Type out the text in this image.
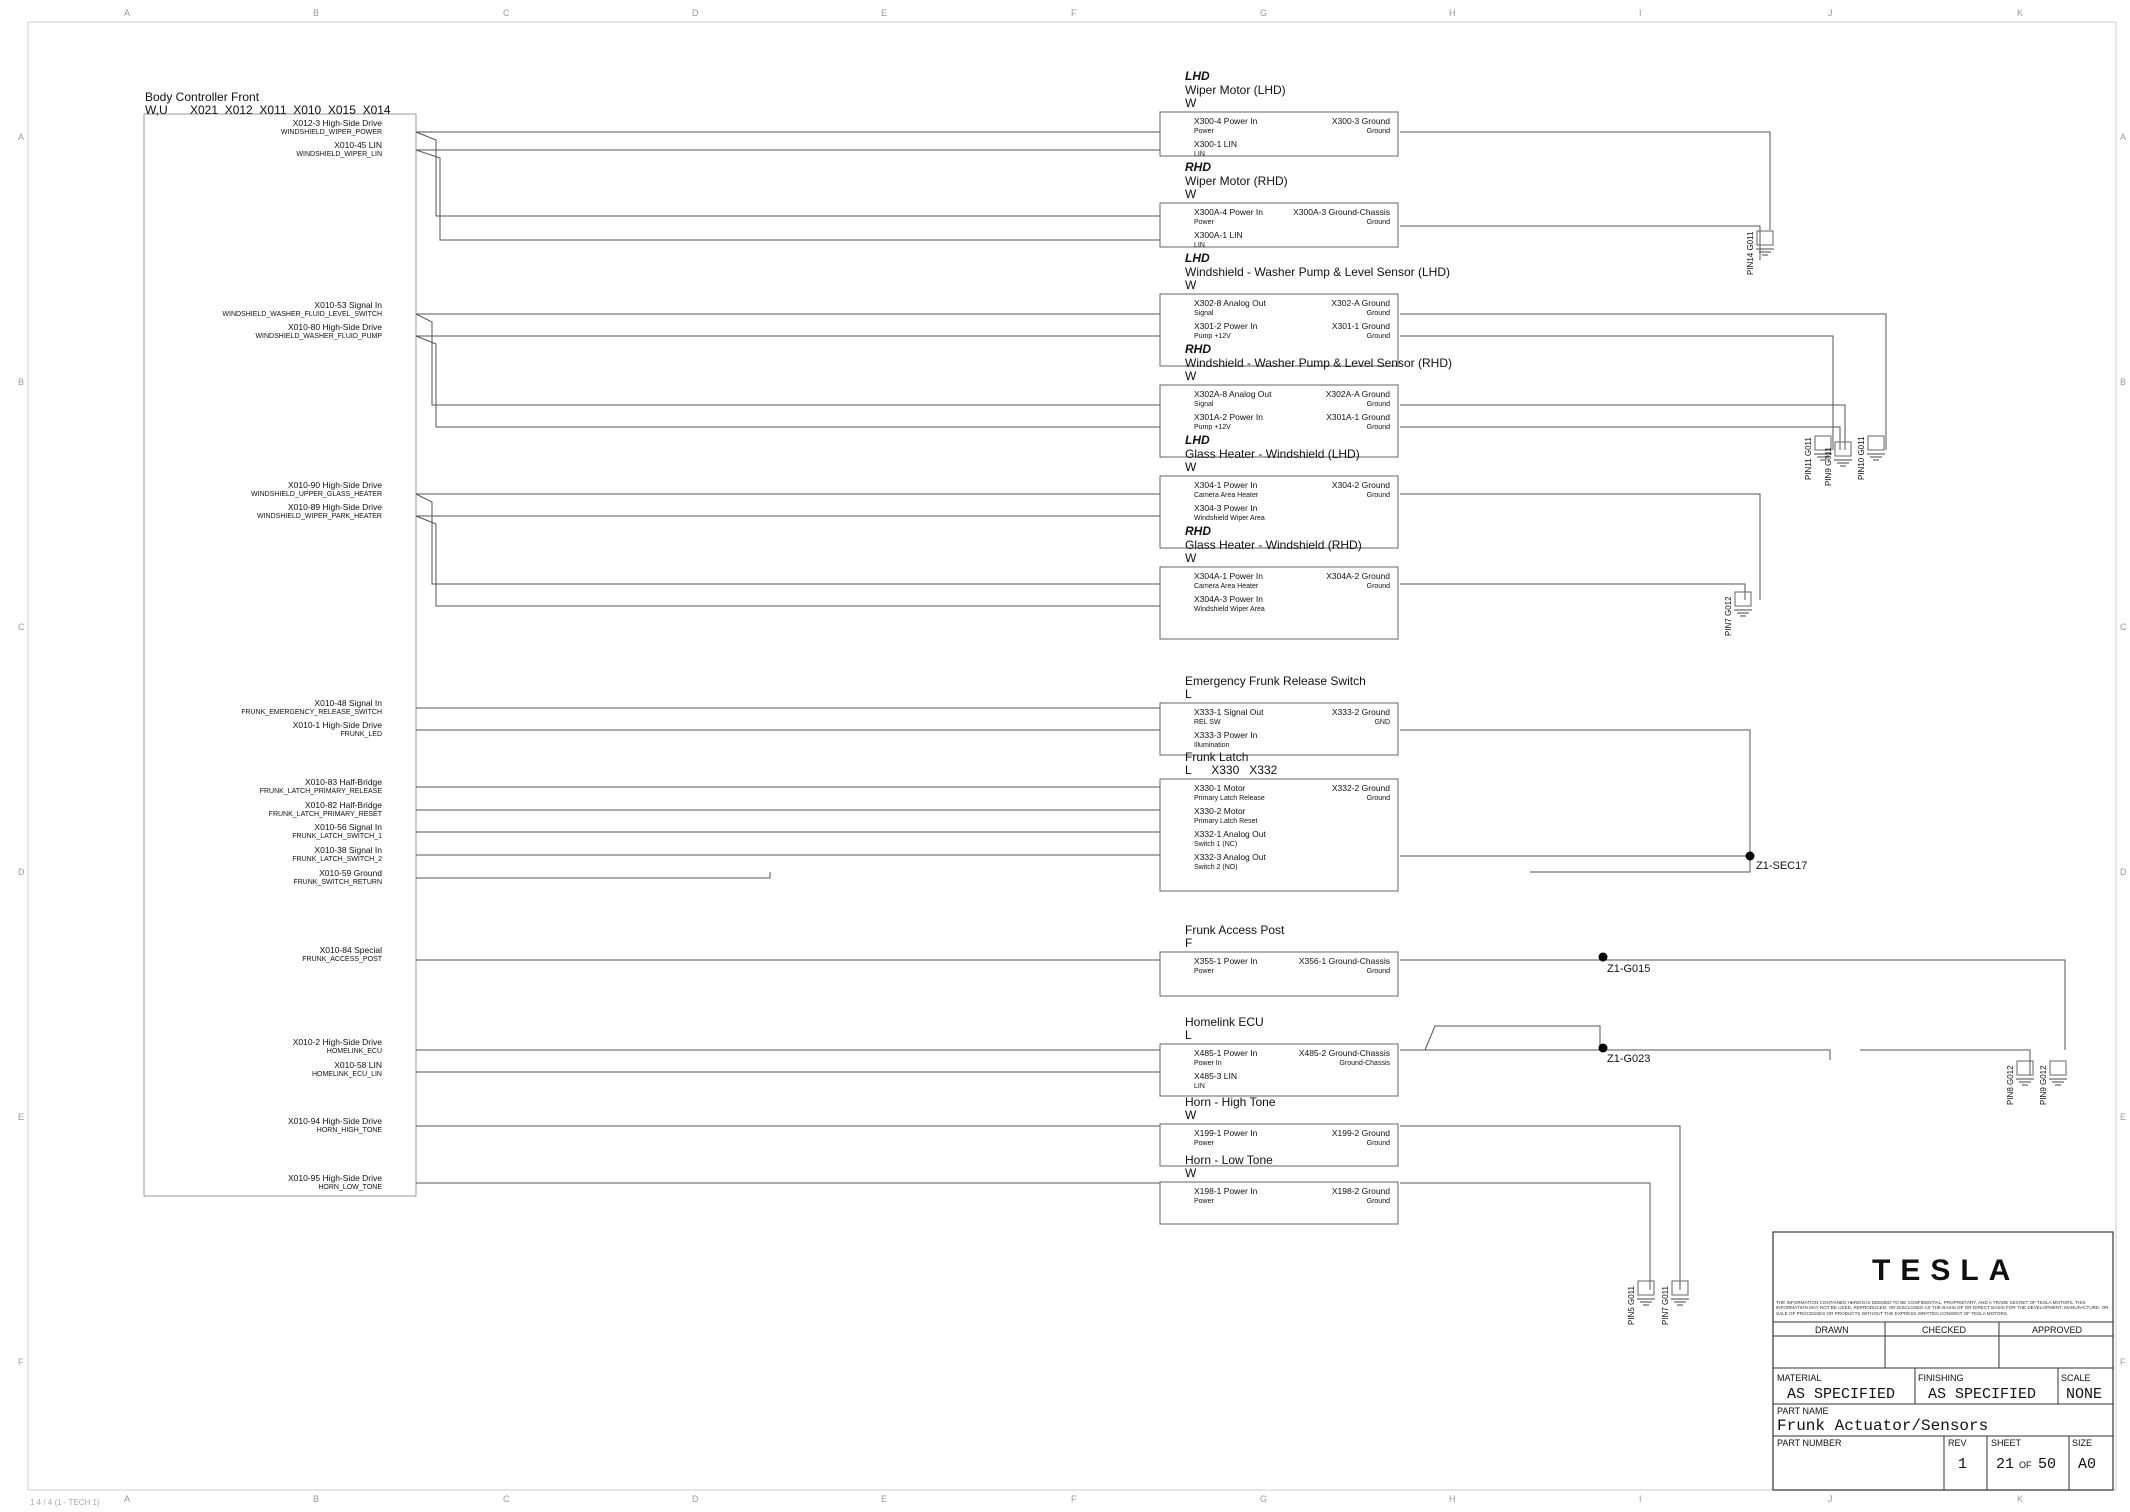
A
A
B
B
C
C
D
D
E
E
F
F
G
G
H
H
I
I
J
J
K
K
A	A
B	B
C	C
D	D
E	E
F	F
1 4 / 4 (1 - TECH 1)
Body Controller Front
W,U X021  X012  X011  X010  X015  X014
X012-3 High-Side Drive
WINDSHIELD_WIPER_POWER
X010-45 LIN
WINDSHIELD_WIPER_LIN
X010-53 Signal In
WINDSHIELD_WASHER_FLUID_LEVEL_SWITCH
X010-80 High-Side Drive
WINDSHIELD_WASHER_FLUID_PUMP
X010-90 High-Side Drive
WINDSHIELD_UPPER_GLASS_HEATER
X010-89 High-Side Drive
WINDSHIELD_WIPER_PARK_HEATER
X010-48 Signal In
FRUNK_EMERGENCY_RELEASE_SWITCH
X010-1 High-Side Drive
FRUNK_LED
X010-83 Half-Bridge
FRUNK_LATCH_PRIMARY_RELEASE
X010-82 Half-Bridge
FRUNK_LATCH_PRIMARY_RESET
X010-56 Signal In
FRUNK_LATCH_SWITCH_1
X010-38 Signal In
FRUNK_LATCH_SWITCH_2
X010-59 Ground
FRUNK_SWITCH_RETURN
X010-84 Special
FRUNK_ACCESS_POST
X010-2 High-Side Drive
HOMELINK_ECU
X010-58 LIN
HOMELINK_ECU_LIN
X010-94 High-Side Drive
HORN_HIGH_TONE
X010-95 High-Side Drive
HORN_LOW_TONE
LHD
Wiper Motor (LHD)
W
X300-4 Power In
Power
X300-1 LIN
LIN
X300-3 Ground
Ground
RHD
Wiper Motor (RHD)
W
X300A-4 Power In
Power
X300A-1 LIN
LIN
X300A-3 Ground-Chassis
Ground
LHD
Windshield - Washer Pump & Level Sensor (LHD)
W
X302-8 Analog Out
Signal
X301-2 Power In
Pump +12V
X302-A Ground
Ground
X301-1 Ground
Ground
RHD
Windshield - Washer Pump & Level Sensor (RHD)
W
X302A-8 Analog Out
Signal
X301A-2 Power In
Pump +12V
X302A-A Ground
Ground
X301A-1 Ground
Ground
LHD
Glass Heater - Windshield (LHD)
W
X304-1 Power In
Camera Area Heater
X304-3 Power In
Windshield Wiper Area
X304-2 Ground
Ground
RHD
Glass Heater - Windshield (RHD)
W
X304A-1 Power In
Camera Area Heater
X304A-3 Power In
Windshield Wiper Area
X304A-2 Ground
Ground
Emergency Frunk Release Switch
L
X333-1 Signal Out
REL SW
X333-3 Power In
Illumination
X333-2 Ground
GND
Frunk Latch
L      X330   X332
X330-1 Motor
Primary Latch Release
X330-2 Motor
Primary Latch Reset
X332-1 Analog Out
Switch 1 (NC)
X332-3 Analog Out
Switch 2 (NO)
X332-2 Ground
Ground
Frunk Access Post
F
X355-1 Power In
Power
X356-1 Ground-Chassis
Ground
Homelink ECU
L
X485-1 Power In
Power In
X485-3 LIN
LIN
X485-2 Ground-Chassis
Ground-Chassis
Horn - High Tone
W
X199-1 Power In
Power
X199-2 Ground
Ground
Horn - Low Tone
W
X198-1 Power In
Power
X198-2 Ground
Ground
PIN14 G011
PIN10 G011
PIN11 G011 PIN9 G011
PIN7 G012
PIN8 G012	PIN9 G012
PIN5 G011	PIN7 G011
Z1-SEC17
Z1-G015
Z1-G023
TESLA
THE INFORMATION CONTAINED HEREIN IS DEEMED TO BE CONFIDENTIAL, PROPRIETARY, AND A TRADE SECRET OF TESLA MOTORS. THIS INFORMATION MAY NOT BE USED, REPRODUCED, OR DISCLOSED AS THE BASIS OF OR DIRECT BASIS FOR THE DEVELOPMENT, MANUFACTURE, OR SALE OF PROCESSES OR PRODUCTS WITHOUT THE EXPRESS WRITTEN CONSENT OF TESLA MOTORS.
DRAWN	CHECKED	APPROVED
MATERIAL
AS SPECIFIED
FINISHING
AS SPECIFIED
SCALE
NONE
PART NAME
Frunk Actuator/Sensors
PART NUMBER	REV
1
SHEET
21 OF 50
SIZE
A0
